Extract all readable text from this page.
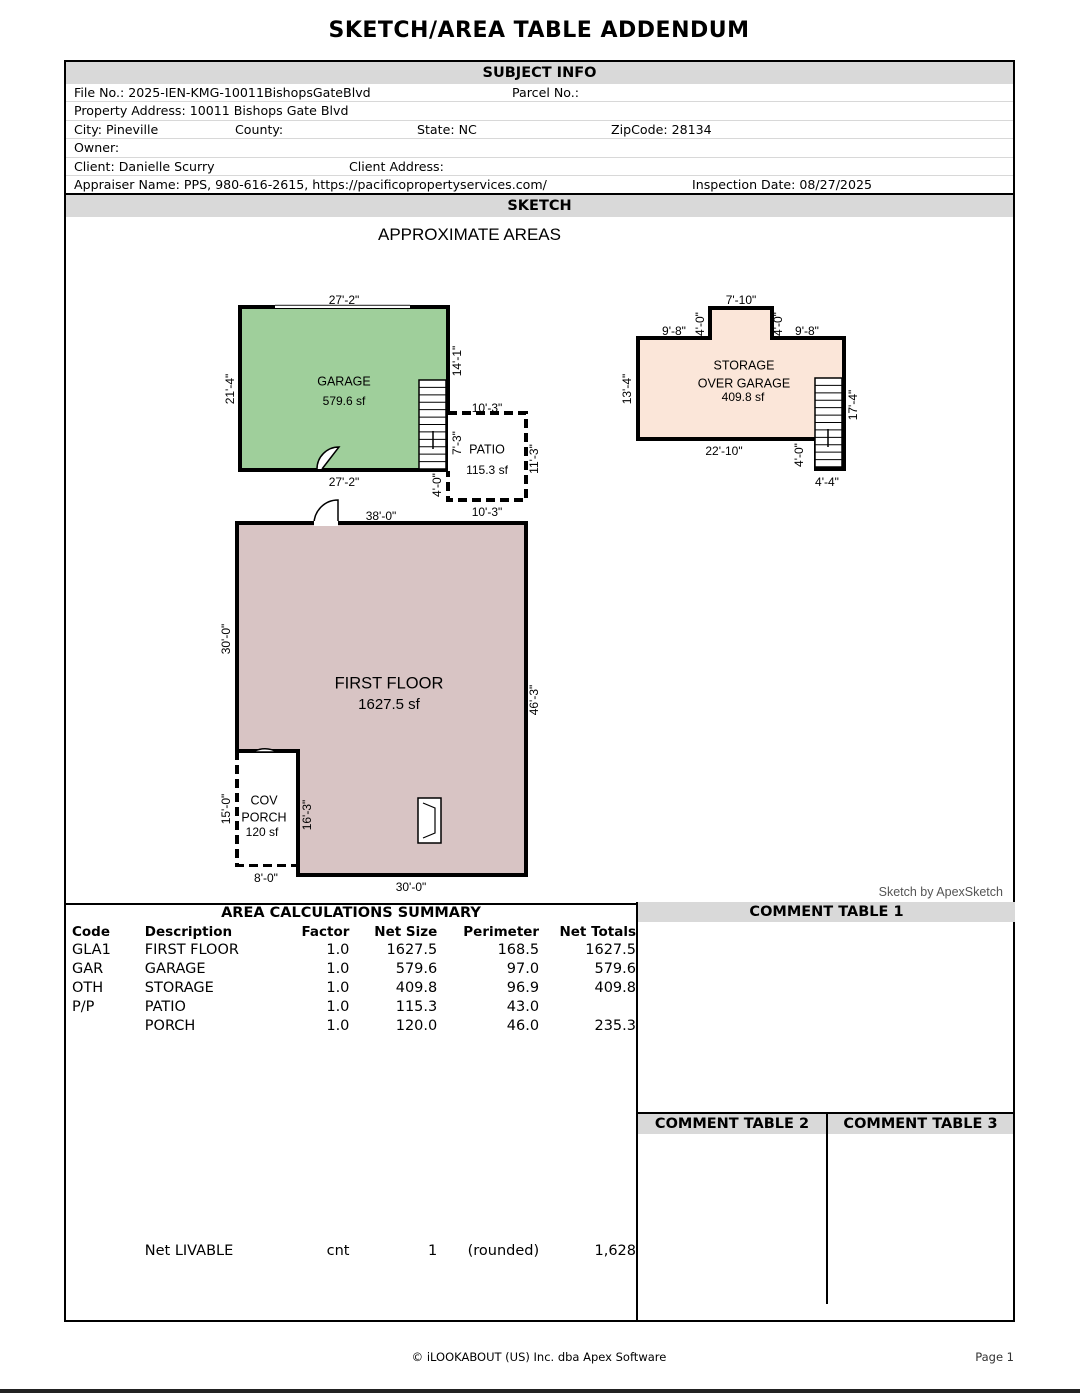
SKETCH/AREA TABLE ADDENDUM
SUBJECT INFO
File No.: 2025-IEN-KMG-10011BishopsGateBlvd	Parcel No.:
Property Address: 10011 Bishops Gate Blvd
City: Pineville	County:	State: NC	ZipCode: 28134
Owner:
Client: Danielle Scurry	Client Address:
Appraiser Name: PPS, 980-616-2615, https://pacificopropertyservices.com/	Inspection Date: 08/27/2025
SKETCH
GARAGE
579.6 sf
PATIO
115.3 sf
STORAGE
OVER GARAGE
409.8 sf
FIRST FLOOR
1627.5 sf
COV
PORCH
120 sf
27'-2"
27'-2"
21'-4"
14'-1"
10'-3"
10'-3"
7'-3"
11'-3"
4'-0"
7'-10"
9'-8"	9'-8"
4'-0"	4'-0"
13'-4"
17'-4"
22'-10"	4'-0"
4'-4"
38'-0"
30'-0"
46'-3"
30'-0"
16'-3"
15'-0"
8'-0"
APPROXIMATE AREAS
Sketch by ApexSketch
AREA CALCULATIONS SUMMARY
Code	Description	Factor	Net Size	Perimeter	Net Totals
GLA1	FIRST FLOOR	1.0	1627.5	168.5	1627.5
GAR	GARAGE	1.0	579.6	97.0	579.6
OTH	STORAGE	1.0	409.8	96.9	409.8
P/P	PATIO	1.0	115.3	43.0	
	PORCH	1.0	120.0	46.0	235.3
	Net LIVABLE	cnt	1	(rounded)	1,628
COMMENT TABLE 1
COMMENT TABLE 2	COMMENT TABLE 3
© iLOOKABOUT (US) Inc. dba Apex Software	Page 1
